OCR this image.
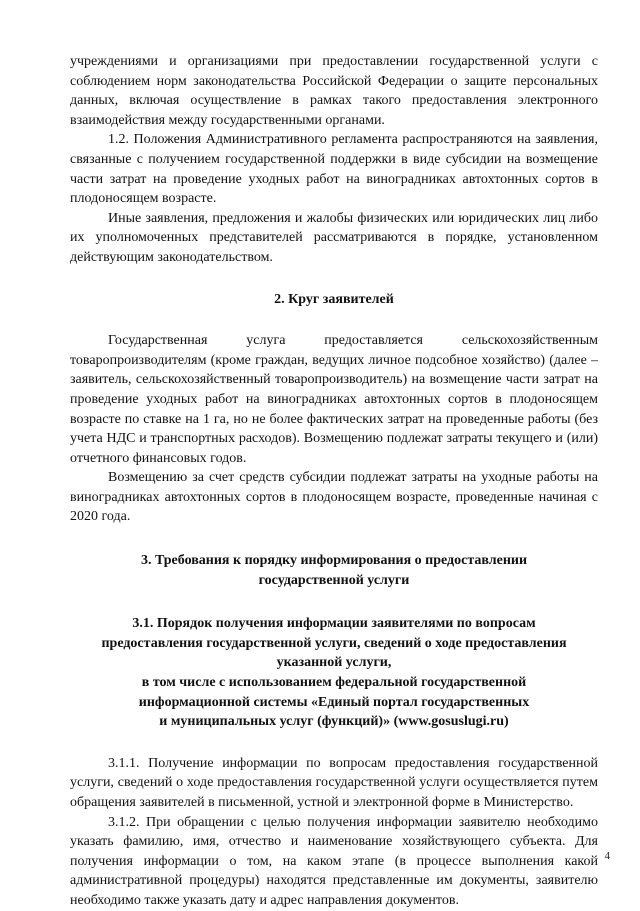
учреждениями и организациями при предоставлении государственной услуги с соблюдением норм законодательства Российской Федерации о защите персональных данных, включая осуществление в рамках такого предоставления электронного взаимодействия между государственными органами.

1.2. Положения Административного регламента распространяются на заявления, связанные с получением государственной поддержки в виде субсидии на возмещение части затрат на проведение уходных работ на виноградниках автохтонных сортов в плодоносящем возрасте.

Иные заявления, предложения и жалобы физических или юридических лиц либо их уполномоченных представителей рассматриваются в порядке, установленном действующим законодательством.

2. Круг заявителей

Государственная услуга предоставляется сельскохозяйственным товаропроизводителям (кроме граждан, ведущих личное подсобное хозяйство) (далее – заявитель, сельскохозяйственный товаропроизводитель) на возмещение части затрат на проведение уходных работ на виноградниках автохтонных сортов в плодоносящем возрасте по ставке на 1 га, но не более фактических затрат на проведенные работы (без учета НДС и транспортных расходов). Возмещению подлежат затраты текущего и (или) отчетного финансовых годов.

Возмещению за счет средств субсидии подлежат затраты на уходные работы на виноградниках автохтонных сортов в плодоносящем возрасте, проведенные начиная с 2020 года.

3. Требования к порядку информирования о предоставлении

государственной услуги

3.1. Порядок получения информации заявителями по вопросам

предоставления государственной услуги, сведений о ходе предоставления

указанной услуги,

в том числе с использованием федеральной государственной

информационной системы «Единый портал государственных

и муниципальных услуг (функций)» (www.gosuslugi.ru)

3.1.1. Получение информации по вопросам предоставления государственной услуги, сведений о ходе предоставления государственной услуги осуществляется путем обращения заявителей в письменной, устной и электронной форме в Министерство.

3.1.2. При обращении с целью получения информации заявителю необходимо указать фамилию, имя, отчество и наименование хозяйствующего субъекта. Для получения информации о том, на каком этапе (в процессе выполнения какой административной процедуры) находятся представленные им документы, заявителю необходимо также указать дату и адрес направления документов.

4
